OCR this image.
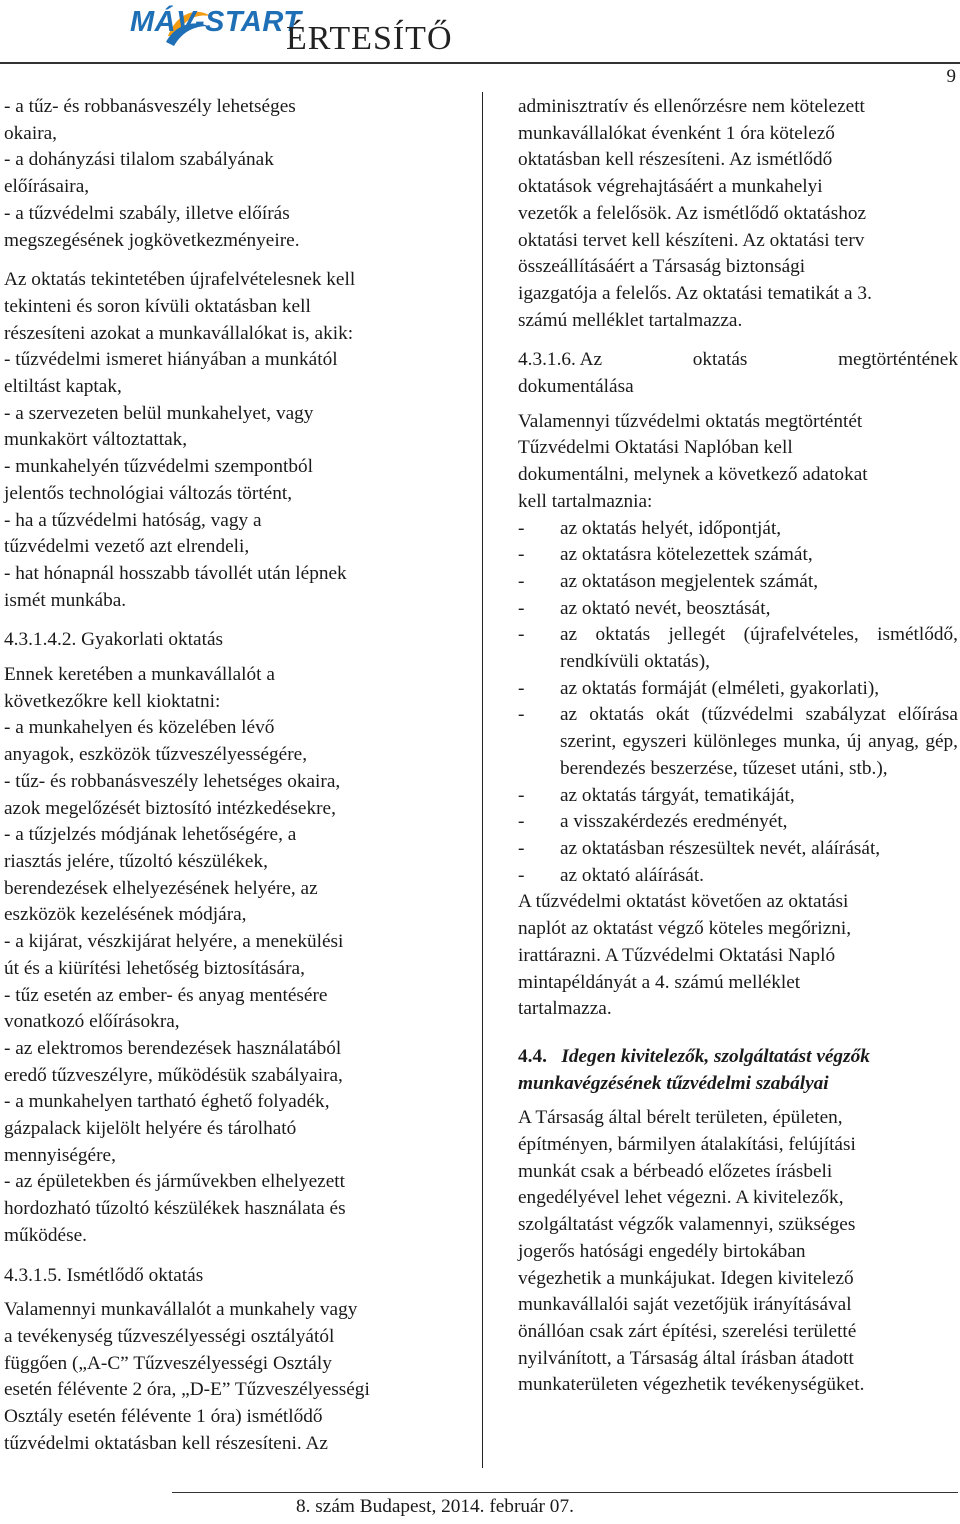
MÁV-START
ÉRTESÍTŐ
9

- a tűz- és robbanásveszély lehetséges

okaira,

- a dohányzási tilalom szabályának

előírásaira,

- a tűzvédelmi szabály, illetve előírás

megszegésének jogkövetkezményeire.

Az oktatás tekintetében újrafelvételesnek kell

tekinteni és soron kívüli oktatásban kell

részesíteni azokat a munkavállalókat is, akik:

- tűzvédelmi ismeret hiányában a munkától

eltiltást kaptak,

- a szervezeten belül munkahelyet, vagy

munkakört változtattak,

- munkahelyén tűzvédelmi szempontból

jelentős technológiai változás történt,

- ha a tűzvédelmi hatóság, vagy a

tűzvédelmi vezető azt elrendeli,

- hat hónapnál hosszabb távollét után lépnek

ismét munkába.

4.3.1.4.2. Gyakorlati oktatás

Ennek keretében a munkavállalót a

következőkre kell kioktatni:

- a munkahelyen és közelében lévő

anyagok, eszközök tűzveszélyességére,

- tűz- és robbanásveszély lehetséges okaira,

azok megelőzését biztosító intézkedésekre,

- a tűzjelzés módjának lehetőségére, a

riasztás jelére, tűzoltó készülékek,

berendezések elhelyezésének helyére, az

eszközök kezelésének módjára,

- a kijárat, vészkijárat helyére, a menekülési

út és a kiürítési lehetőség biztosítására,

- tűz esetén az ember- és anyag mentésére

vonatkozó előírásokra,

- az elektromos berendezések használatából

eredő tűzveszélyre, működésük szabályaira,

- a munkahelyen tartható éghető folyadék,

gázpalack kijelölt helyére és tárolható

mennyiségére,

- az épületekben és járművekben elhelyezett

hordozható tűzoltó készülékek használata és

működése.

4.3.1.5. Ismétlődő oktatás

Valamennyi munkavállalót a munkahely vagy

a tevékenység tűzveszélyességi osztályától

függően („A-C” Tűzveszélyességi Osztály

esetén félévente 2 óra, „D-E” Tűzveszélyességi

Osztály esetén félévente 1 óra) ismétlődő

tűzvédelmi oktatásban kell részesíteni. Az

adminisztratív és ellenőrzésre nem kötelezett

munkavállalókat évenként 1 óra kötelező

oktatásban kell részesíteni. Az ismétlődő

oktatások végrehajtásáért a munkahelyi

vezetők a felelősök. Az ismétlődő oktatáshoz

oktatási tervet kell készíteni. Az oktatási terv

összeállításáért a Társaság biztonsági

igazgatója a felelős. Az oktatási tematikát a 3.

számú melléklet tartalmazza.

4.3.1.6. Az	oktatás	megtörténtének

dokumentálása

Valamennyi tűzvédelmi oktatás megtörténtét

Tűzvédelmi Oktatási Naplóban kell

dokumentálni, melynek a következő adatokat

kell tartalmaznia:

-	az oktatás helyét, időpontját,
-	az oktatásra kötelezettek számát,
-	az oktatáson megjelentek számát,
-	az oktató nevét, beosztását,
-	az oktatás jellegét (újrafelvételes, ismétlődő, rendkívüli oktatás),
-	az oktatás formáját (elméleti, gyakorlati),
-	az oktatás okát (tűzvédelmi szabályzat előírása szerint, egyszeri különleges munka, új anyag, gép, berendezés beszerzése, tűzeset utáni, stb.),
-	az oktatás tárgyát, tematikáját,
-	a visszakérdezés eredményét,
-	az oktatásban részesültek nevét, aláírását,
-	az oktató aláírását.

A tűzvédelmi oktatást követően az oktatási

naplót az oktatást végző köteles megőrizni,

irattárazni. A Tűzvédelmi Oktatási Napló

mintapéldányát a 4. számú melléklet

tartalmazza.

4.4. Idegen kivitelezők, szolgáltatást végzők

munkavégzésének tűzvédelmi szabályai

A Társaság által bérelt területen, épületen,

építményen, bármilyen átalakítási, felújítási

munkát csak a bérbeadó előzetes írásbeli

engedélyével lehet végezni. A kivitelezők,

szolgáltatást végzők valamennyi, szükséges

jogerős hatósági engedély birtokában

végezhetik a munkájukat. Idegen kivitelező

munkavállalói saját vezetőjük irányításával

önállóan csak zárt építési, szerelési területté

nyilvánított, a Társaság által írásban átadott

munkaterületen végezhetik tevékenységüket.

8. szám Budapest, 2014. február 07.
